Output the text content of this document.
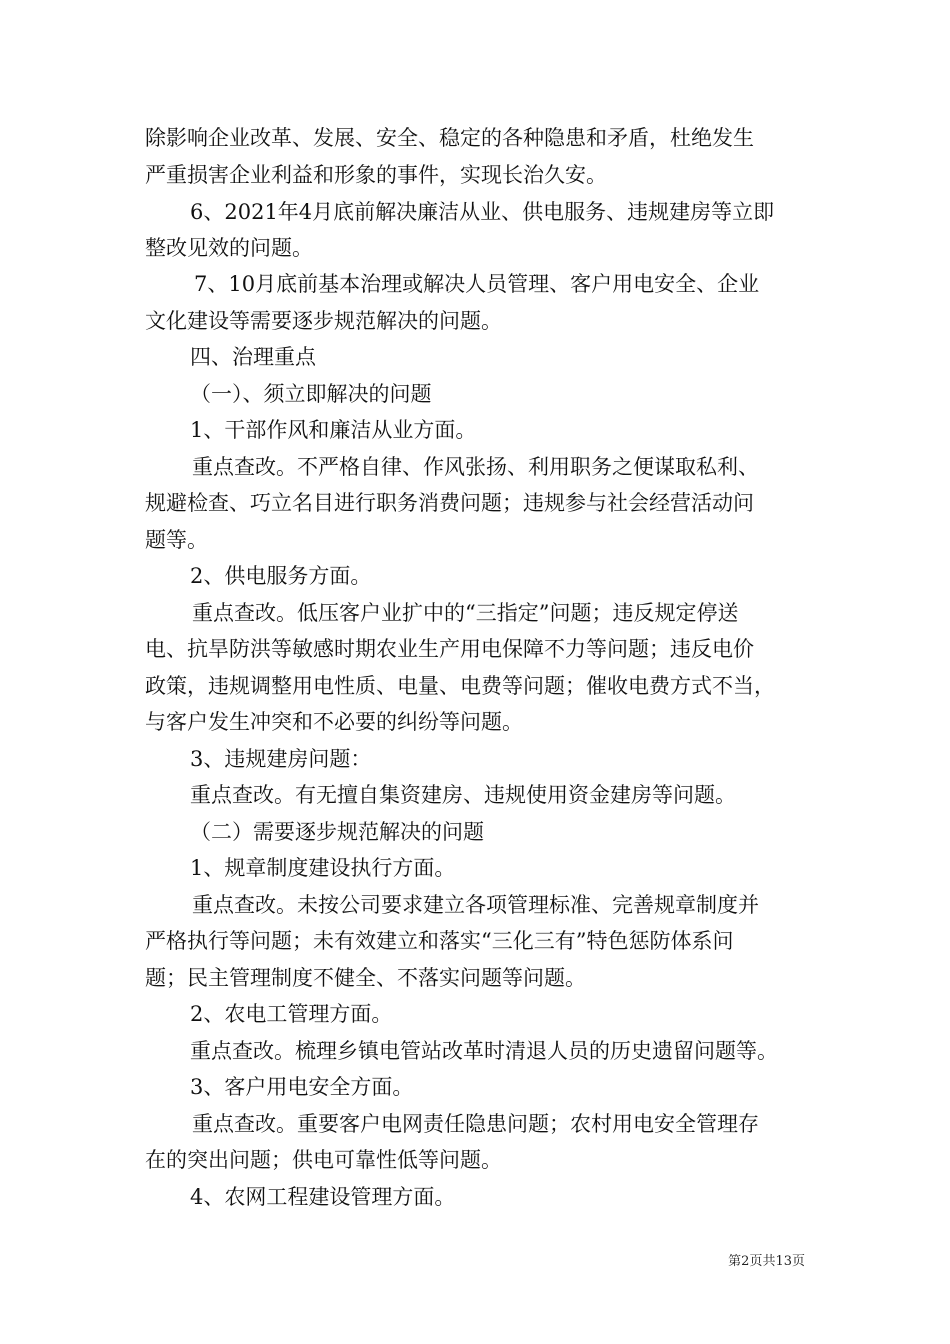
除影响企业改革、发展、安全、稳定的各种隐患和矛盾，杜绝发生
严重损害企业利益和形象的事件，实现长治久安。
6、2021年4月底前解决廉洁从业、供电服务、违规建房等立即
整改见效的问题。
7、10月底前基本治理或解决人员管理、客户用电安全、企业
文化建设等需要逐步规范解决的问题。
四、治理重点
（一）、须立即解决的问题
1、干部作风和廉洁从业方面。
重点查改。不严格自律、作风张扬、利用职务之便谋取私利、
规避检查、巧立名目进行职务消费问题；违规参与社会经营活动问
题等。
2、供电服务方面。
重点查改。低压客户业扩中的“三指定”问题；违反规定停送
电、抗旱防洪等敏感时期农业生产用电保障不力等问题；违反电价
政策，违规调整用电性质、电量、电费等问题；催收电费方式不当，
与客户发生冲突和不必要的纠纷等问题。
3、违规建房问题：
重点查改。有无擅自集资建房、违规使用资金建房等问题。
（二）需要逐步规范解决的问题
1、规章制度建设执行方面。
重点查改。未按公司要求建立各项管理标准、完善规章制度并
严格执行等问题；未有效建立和落实“三化三有”特色惩防体系问
题；民主管理制度不健全、不落实问题等问题。
2、农电工管理方面。
重点查改。梳理乡镇电管站改革时清退人员的历史遗留问题等。
3、客户用电安全方面。
重点查改。重要客户电网责任隐患问题；农村用电安全管理存
在的突出问题；供电可靠性低等问题。
4、农网工程建设管理方面。
第2页共13页
